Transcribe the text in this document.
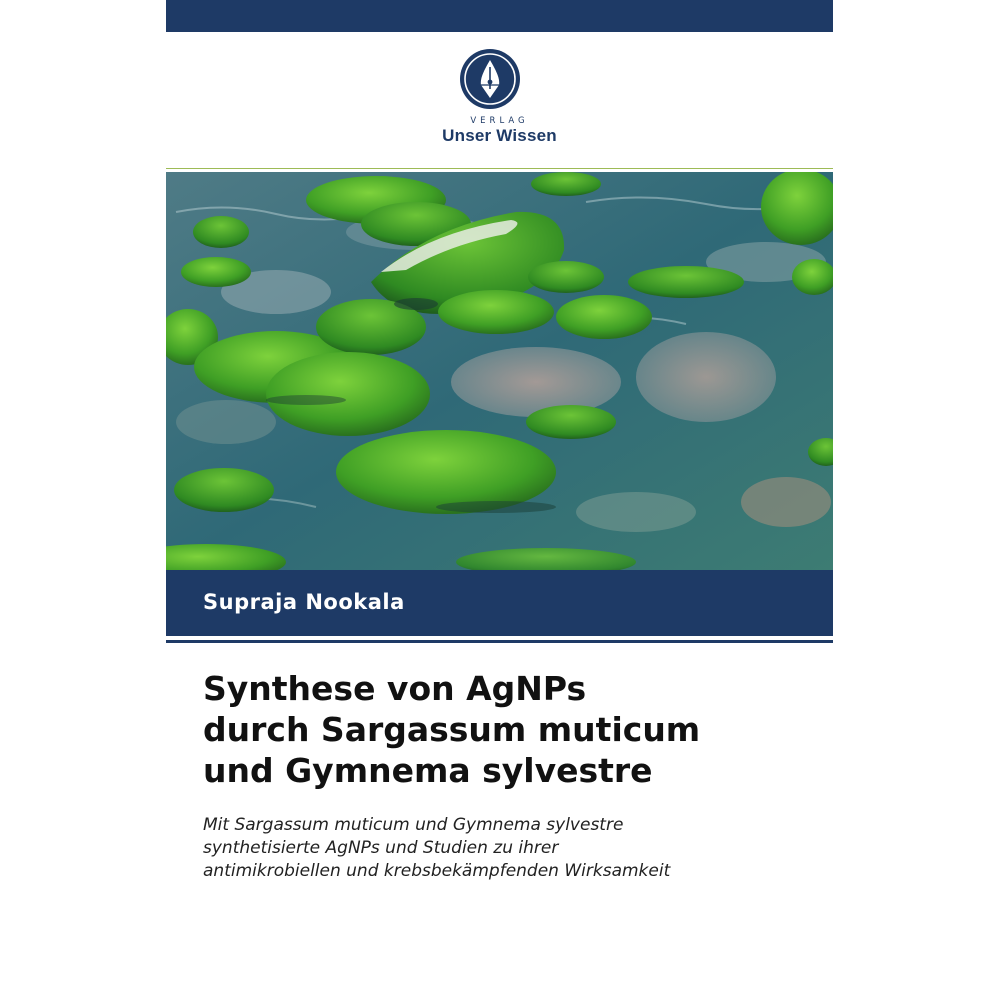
VERLAG
Unser Wissen
Supraja Nookala
Synthese von AgNPs
durch Sargassum muticum
und Gymnema sylvestre

Mit Sargassum muticum und Gymnema sylvestre
synthetisierte AgNPs und Studien zu ihrer
antimikrobiellen und krebsbekämpfenden Wirksamkeit
